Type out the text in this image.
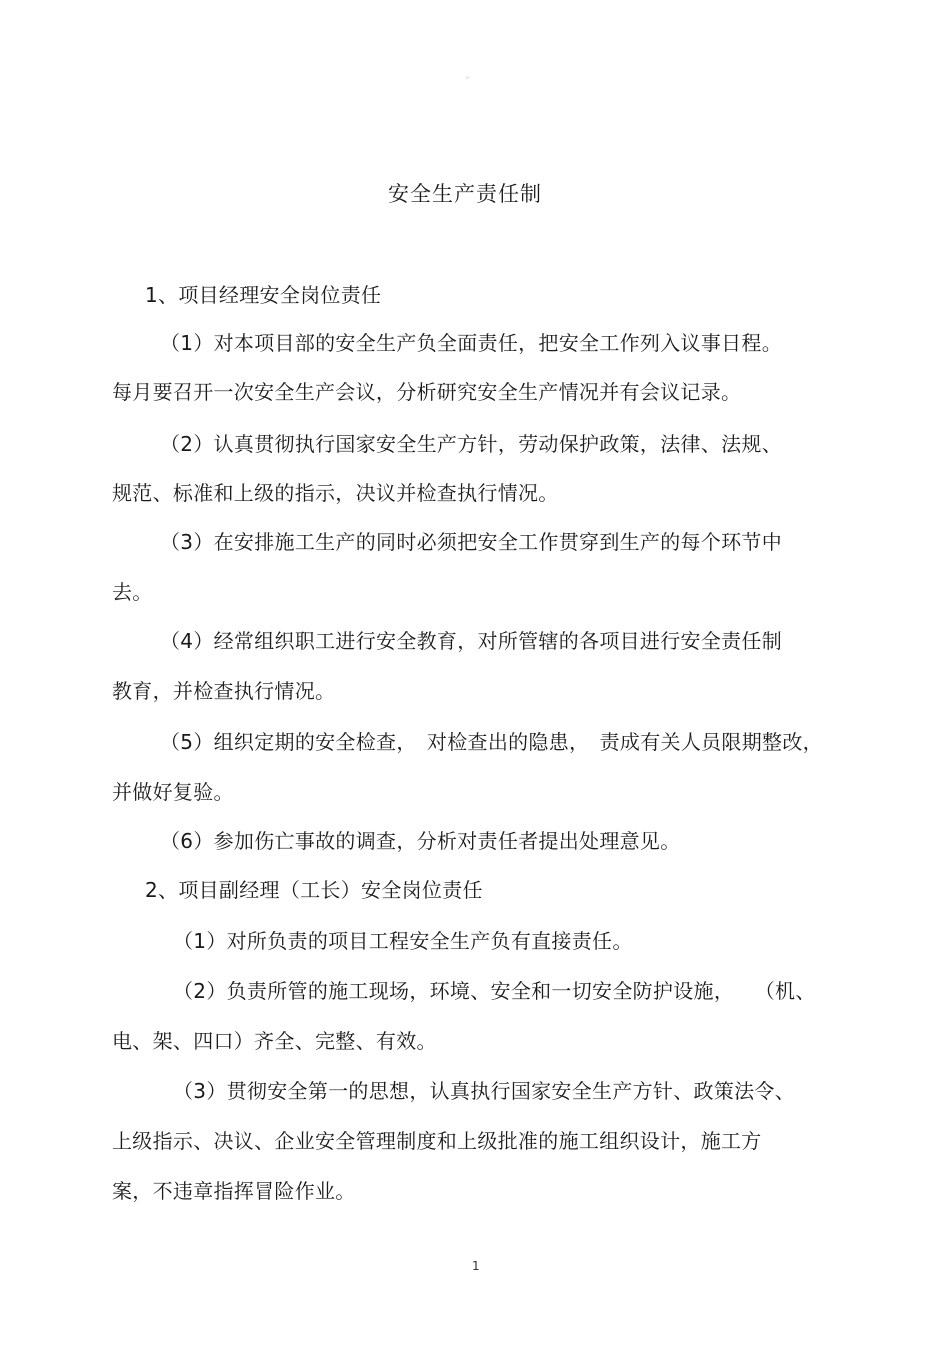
。
安全生产责任制
1、项目经理安全岗位责任
（1）对本项目部的安全生产负全面责任，把安全工作列入议事日程。
每月要召开一次安全生产会议，分析研究安全生产情况并有会议记录。
（2）认真贯彻执行国家安全生产方针，劳动保护政策，法律、法规、
规范、标准和上级的指示，决议并检查执行情况。
（3）在安排施工生产的同时必须把安全工作贯穿到生产的每个环节中
去。
（4）经常组织职工进行安全教育，对所管辖的各项目进行安全责任制
教育，并检查执行情况。
（5）组织定期的安全检查，　对检查出的隐患，　责成有关人员限期整改，
并做好复验。
（6）参加伤亡事故的调查，分析对责任者提出处理意见。
2、项目副经理（工长）安全岗位责任
（1）对所负责的项目工程安全生产负有直接责任。
（2）负责所管的施工现场，环境、安全和一切安全防护设施，　　（机、
电、架、四口）齐全、完整、有效。
（3）贯彻安全第一的思想，认真执行国家安全生产方针、政策法令、
上级指示、决议、企业安全管理制度和上级批准的施工组织设计，施工方
案，不违章指挥冒险作业。
1
